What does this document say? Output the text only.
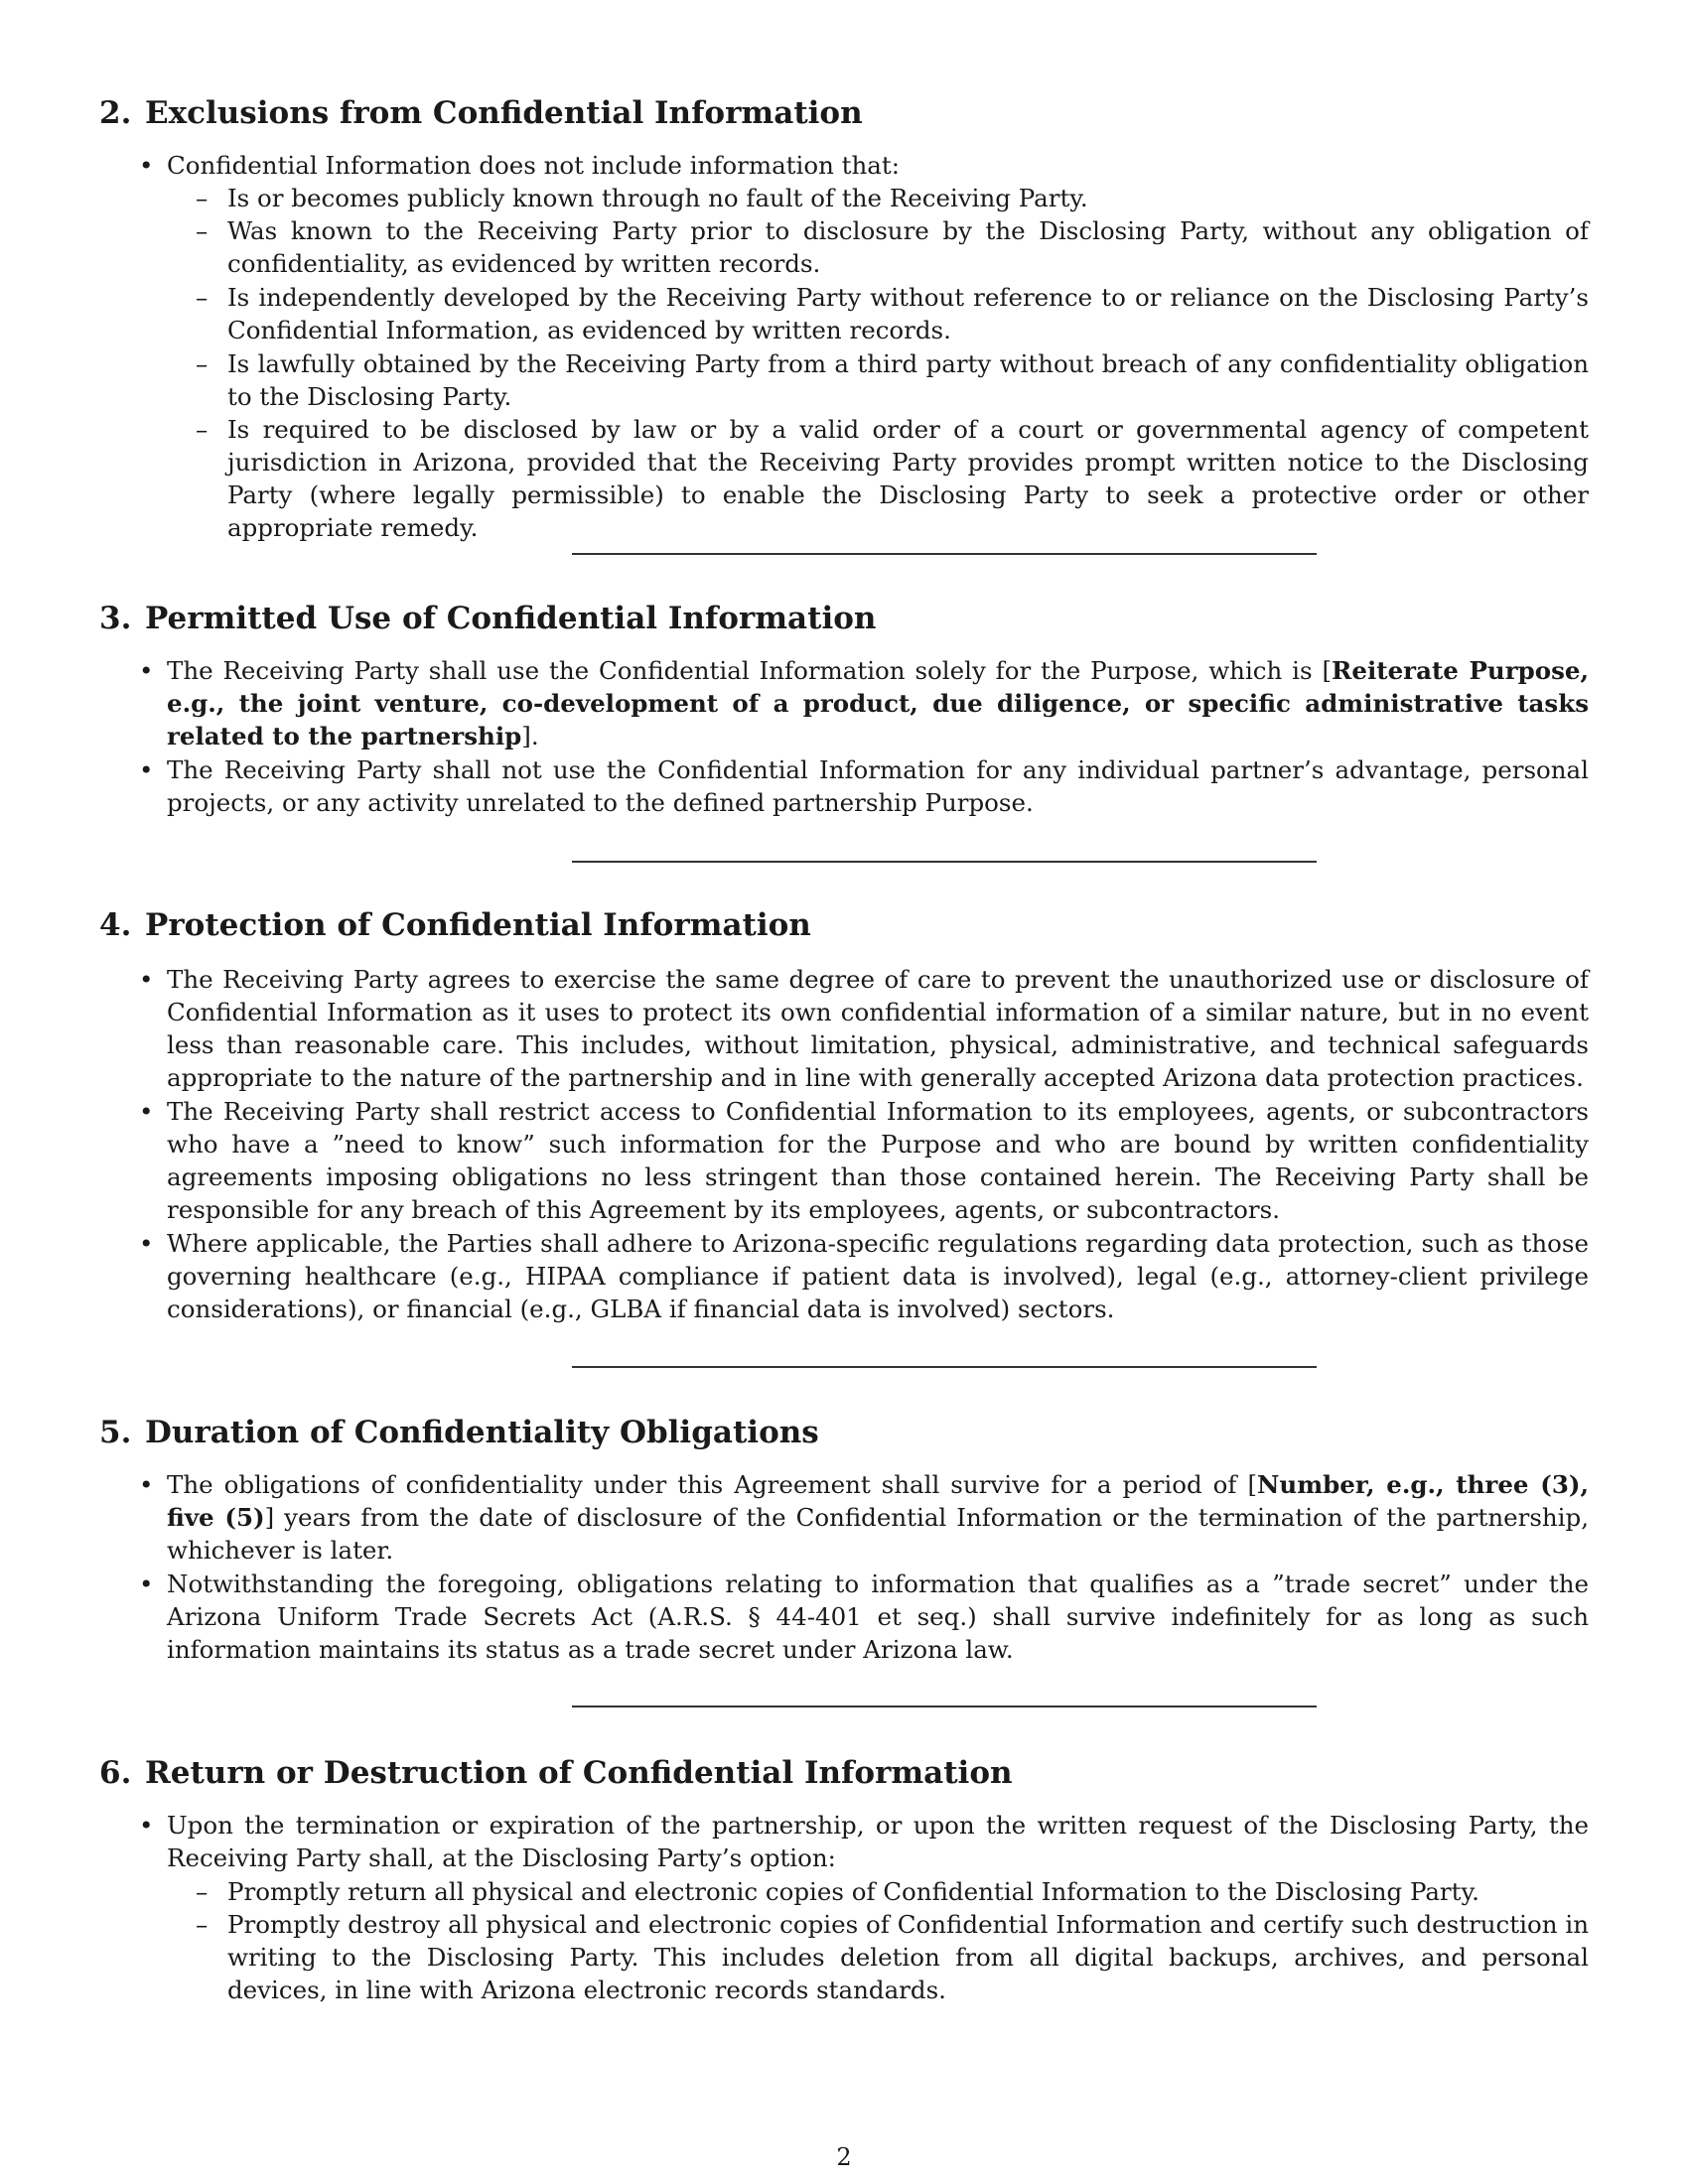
2. Exclusions from Confidential Information
• Confidential Information does not include information that:
– Is or becomes publicly known through no fault of the Receiving Party.
– Was known to the Receiving Party prior to disclosure by the Disclosing Party, without any obligation of confidentiality, as evidenced by written records.
– Is independently developed by the Receiving Party without reference to or reliance on the Disclosing Party’s Confidential Information, as evidenced by written records.
– Is lawfully obtained by the Receiving Party from a third party without breach of any confidentiality obligation to the Disclosing Party.
– Is required to be disclosed by law or by a valid order of a court or governmental agency of competent jurisdiction in Arizona, provided that the Receiving Party provides prompt written notice to the Disclosing Party (where legally permissible) to enable the Disclosing Party to seek a protective order or other appropriate remedy.
3. Permitted Use of Confidential Information
• The Receiving Party shall use the Confidential Information solely for the Purpose, which is [Reiterate Purpose, e.g., the joint venture, co-development of a product, due diligence, or specific administrative tasks related to the partnership].
• The Receiving Party shall not use the Confidential Information for any individual partner’s advantage, personal projects, or any activity unrelated to the defined partnership Purpose.
4. Protection of Confidential Information
• The Receiving Party agrees to exercise the same degree of care to prevent the unauthorized use or disclosure of Confidential Information as it uses to protect its own confidential information of a similar nature, but in no event less than reasonable care. This includes, without limitation, physical, administrative, and technical safeguards appropriate to the nature of the partnership and in line with generally accepted Arizona data protection practices.
• The Receiving Party shall restrict access to Confidential Information to its employees, agents, or subcontractors who have a ”need to know” such information for the Purpose and who are bound by written confidentiality agreements imposing obligations no less stringent than those contained herein. The Receiving Party shall be responsible for any breach of this Agreement by its employees, agents, or subcontractors.
• Where applicable, the Parties shall adhere to Arizona-specific regulations regarding data protection, such as those governing healthcare (e.g., HIPAA compliance if patient data is involved), legal (e.g., attorney-client privilege considerations), or financial (e.g., GLBA if financial data is involved) sectors.
5. Duration of Confidentiality Obligations
• The obligations of confidentiality under this Agreement shall survive for a period of [Number, e.g., three (3), five (5)] years from the date of disclosure of the Confidential Information or the termination of the partnership, whichever is later.
• Notwithstanding the foregoing, obligations relating to information that qualifies as a ”trade secret” under the Arizona Uniform Trade Secrets Act (A.R.S. § 44-401 et seq.) shall survive indefinitely for as long as such information maintains its status as a trade secret under Arizona law.
6. Return or Destruction of Confidential Information
• Upon the termination or expiration of the partnership, or upon the written request of the Disclosing Party, the Receiving Party shall, at the Disclosing Party’s option:
– Promptly return all physical and electronic copies of Confidential Information to the Disclosing Party.
– Promptly destroy all physical and electronic copies of Confidential Information and certify such destruction in writing to the Disclosing Party. This includes deletion from all digital backups, archives, and personal devices, in line with Arizona electronic records standards.
2
